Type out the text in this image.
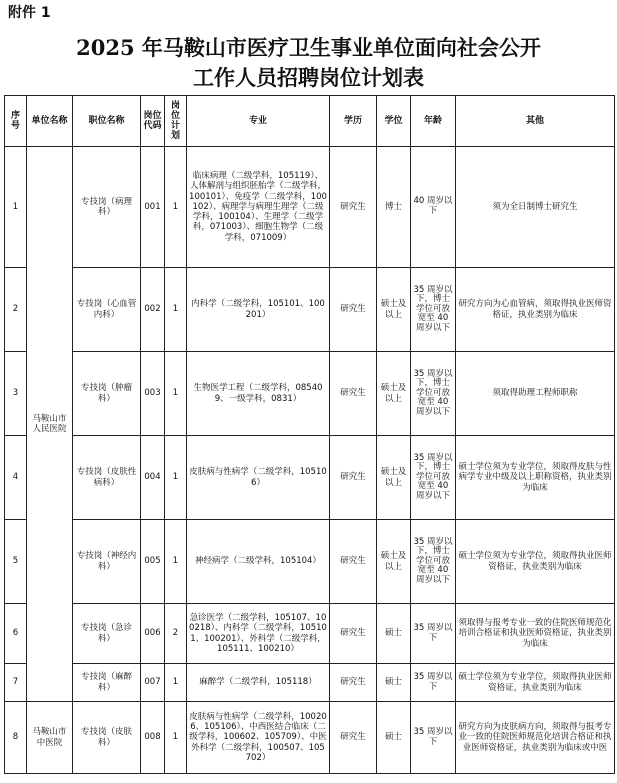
附件 1
2025 年马鞍山市医疗卫生事业单位面向社会公开
工作人员招聘岗位计划表
序号	单位名称	职位名称	岗位代码	岗位计划	专业	学历	学位	年龄	其他
1	马鞍山市人民医院	专技岗（病理科）	001	1	临床病理（二级学科，105119）、人体解剖与组织胚胎学（二级学科，100101）、免疫学（二级学科，100102）、病理学与病理生理学（二级学科，100104）、生理学（二级学科，071003）、细胞生物学（二级学科，071009）	研究生	博士	40 周岁以下	须为全日制博士研究生
2		专技岗（心血管内科）	002	1	内科学（二级学科，105101、100201）	研究生	硕士及以上	35 周岁以下，博士学位可放宽至 40 周岁以下	研究方向为心血管病，须取得执业医师资格证，执业类别为临床
3		专技岗（肿瘤科）	003	1	生物医学工程（二级学科，085409、一级学科，0831）	研究生	硕士及以上	35 周岁以下，博士学位可放宽至 40 周岁以下	须取得助理工程师职称
4		专技岗（皮肤性病科）	004	1	皮肤病与性病学（二级学科，105106）	研究生	硕士及以上	35 周岁以下，博士学位可放宽至 40 周岁以下	硕士学位须为专业学位，须取得皮肤与性病学专业中级及以上职称资格，执业类别为临床
5		专技岗（神经内科）	005	1	神经病学（二级学科，105104）	研究生	硕士及以上	35 周岁以下，博士学位可放宽至 40 周岁以下	硕士学位须为专业学位，须取得执业医师资格证，执业类别为临床
6		专技岗（急诊科）	006	2	急诊医学（二级学科，105107、100218）、内科学（二级学科，105101、100201）、外科学（二级学科，105111、100210）	研究生	硕士	35 周岁以下	须取得与报考专业一致的住院医师规范化培训合格证和执业医师资格证，执业类别为临床
7		专技岗（麻醉科）	007	1	麻醉学（二级学科，105118）	研究生	硕士	35 周岁以下	硕士学位须为专业学位，须取得执业医师资格证，执业类别为临床
8	马鞍山市中医院	专技岗（皮肤科）	008	1	皮肤病与性病学（二级学科，100206、105106）、中西医结合临床（二级学科，100602、105709）、中医外科学（二级学科，100507、105702）	研究生	硕士	35 周岁以下	研究方向为皮肤病方向，须取得与报考专业一致的住院医师规范化培训合格证和执业医师资格证，执业类别为临床或中医
